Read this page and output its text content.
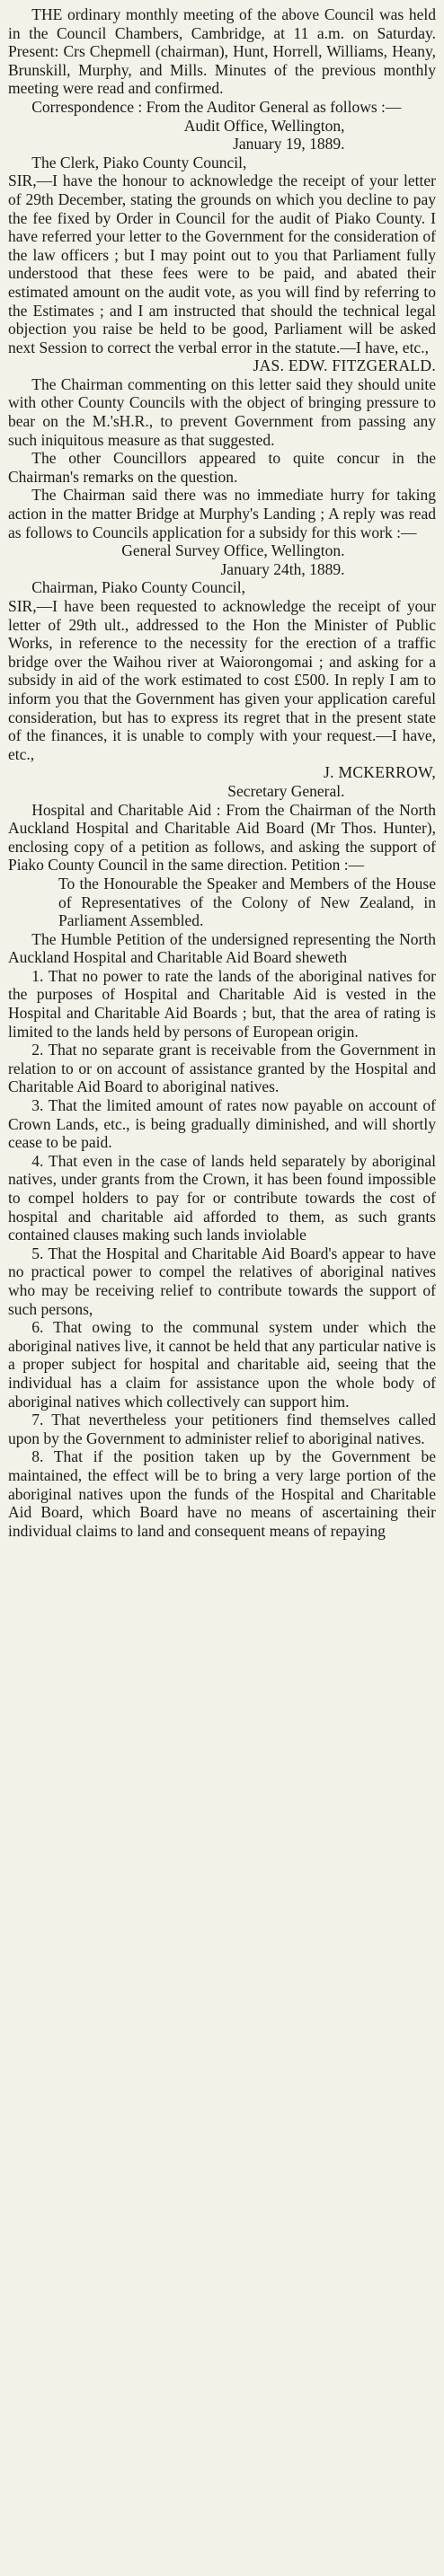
THE ordinary monthly meeting of the above Council was held in the Council Chambers, Cambridge, at 11 a.m. on Saturday. Present: Crs Chepmell (chairman), Hunt, Horrell, Williams, Heany, Brunskill, Murphy, and Mills. Minutes of the previous monthly meeting were read and confirmed.

Correspondence : From the Auditor General as follows :—

Audit Office, Wellington,

January 19, 1889.

The Clerk, Piako County Council,

SIR,—I have the honour to acknowledge the receipt of your letter of 29th December, stating the grounds on which you decline to pay the fee fixed by Order in Council for the audit of Piako County. I have referred your letter to the Government for the consideration of the law officers ; but I may point out to you that Parliament fully understood that these fees were to be paid, and abated their estimated amount on the audit vote, as you will find by referring to the Estimates ; and I am instructed that should the technical legal objection you raise be held to be good, Parliament will be asked next Session to correct the verbal error in the statute.—I have, etc.,

JAS. EDW. FITZGERALD.

The Chairman commenting on this letter said they should unite with other County Councils with the object of bringing pressure to bear on the M.'sH.R., to prevent Government from passing any such iniquitous measure as that suggested.

The other Councillors appeared to quite concur in the Chairman's remarks on the question.

The Chairman said there was no immediate hurry for taking action in the matter Bridge at Murphy's Landing ; A reply was read as follows to Councils application for a subsidy for this work :—

General Survey Office, Wellington.

January 24th, 1889.

Chairman, Piako County Council,

SIR,—I have been requested to acknowledge the receipt of your letter of 29th ult., addressed to the Hon the Minister of Public Works, in reference to the necessity for the erection of a traffic bridge over the Waihou river at Waiorongomai ; and asking for a subsidy in aid of the work estimated to cost £500. In reply I am to inform you that the Government has given your application careful consideration, but has to express its regret that in the present state of the finances, it is unable to comply with your request.—I have, etc.,

J. MCKERROW,

Secretary General.

Hospital and Charitable Aid : From the Chairman of the North Auckland Hospital and Charitable Aid Board (Mr Thos. Hunter), enclosing copy of a petition as follows, and asking the support of Piako County Council in the same direction. Petition :—

To the Honourable the Speaker and Members of the House of Representatives of the Colony of New Zealand, in Parliament Assembled.

The Humble Petition of the undersigned representing the North Auckland Hospital and Charitable Aid Board sheweth

1. That no power to rate the lands of the aboriginal natives for the purposes of Hospital and Charitable Aid is vested in the Hospital and Charitable Aid Boards ; but, that the area of rating is limited to the lands held by persons of European origin.

2. That no separate grant is receivable from the Government in relation to or on account of assistance granted by the Hospital and Charitable Aid Board to aboriginal natives.

3. That the limited amount of rates now payable on account of Crown Lands, etc., is being gradually diminished, and will shortly cease to be paid.

4. That even in the case of lands held separately by aboriginal natives, under grants from the Crown, it has been found impossible to compel holders to pay for or contribute towards the cost of hospital and charitable aid afforded to them, as such grants contained clauses making such lands inviolable

5. That the Hospital and Charitable Aid Board's appear to have no practical power to compel the relatives of aboriginal natives who may be receiving relief to contribute towards the support of such persons,

6. That owing to the communal system under which the aboriginal natives live, it cannot be held that any particular native is a proper subject for hospital and charitable aid, seeing that the individual has a claim for assistance upon the whole body of aboriginal natives which collectively can support him.

7. That nevertheless your petitioners find themselves called upon by the Government to administer relief to aboriginal natives.

8. That if the position taken up by the Government be maintained, the effect will be to bring a very large portion of the aboriginal natives upon the funds of the Hospital and Charitable Aid Board, which Board have no means of ascertaining their individual claims to land and consequent means of repaying
